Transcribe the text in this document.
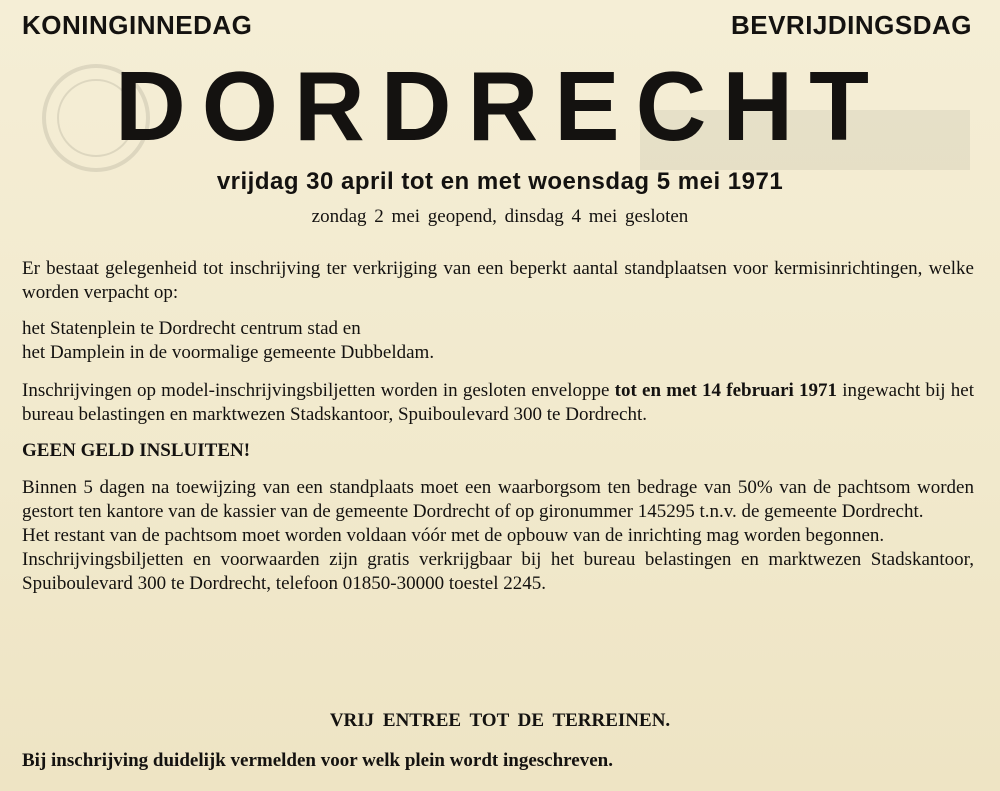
KONINGINNEDAG	BEVRIJDINGSDAG
DORDRECHT
vrijdag 30 april tot en met woensdag 5 mei 1971
zondag 2 mei geopend, dinsdag 4 mei gesloten

Er bestaat gelegenheid tot inschrijving ter verkrijging van een beperkt aantal standplaatsen voor kermisinrichtingen, welke worden verpacht op:

het Statenplein te Dordrecht centrum stad en
het Damplein in de voormalige gemeente Dubbeldam.

Inschrijvingen op model-inschrijvingsbiljetten worden in gesloten enveloppe tot en met 14 februari 1971 ingewacht bij het bureau belastingen en marktwezen Stadskantoor, Spuiboulevard 300 te Dordrecht.

GEEN GELD INSLUITEN!

Binnen 5 dagen na toewijzing van een standplaats moet een waarborgsom ten bedrage van 50% van de pachtsom worden gestort ten kantore van de kassier van de gemeente Dordrecht of op gironummer 145295 t.n.v. de gemeente Dordrecht.

Het restant van de pachtsom moet worden voldaan vóór met de opbouw van de inrichting mag worden begonnen.

Inschrijvingsbiljetten en voorwaarden zijn gratis verkrijgbaar bij het bureau belastingen en marktwezen Stadskantoor, Spuiboulevard 300 te Dordrecht, telefoon 01850-30000 toestel 2245.

VRIJ ENTREE TOT DE TERREINEN.
Bij inschrijving duidelijk vermelden voor welk plein wordt ingeschreven.
